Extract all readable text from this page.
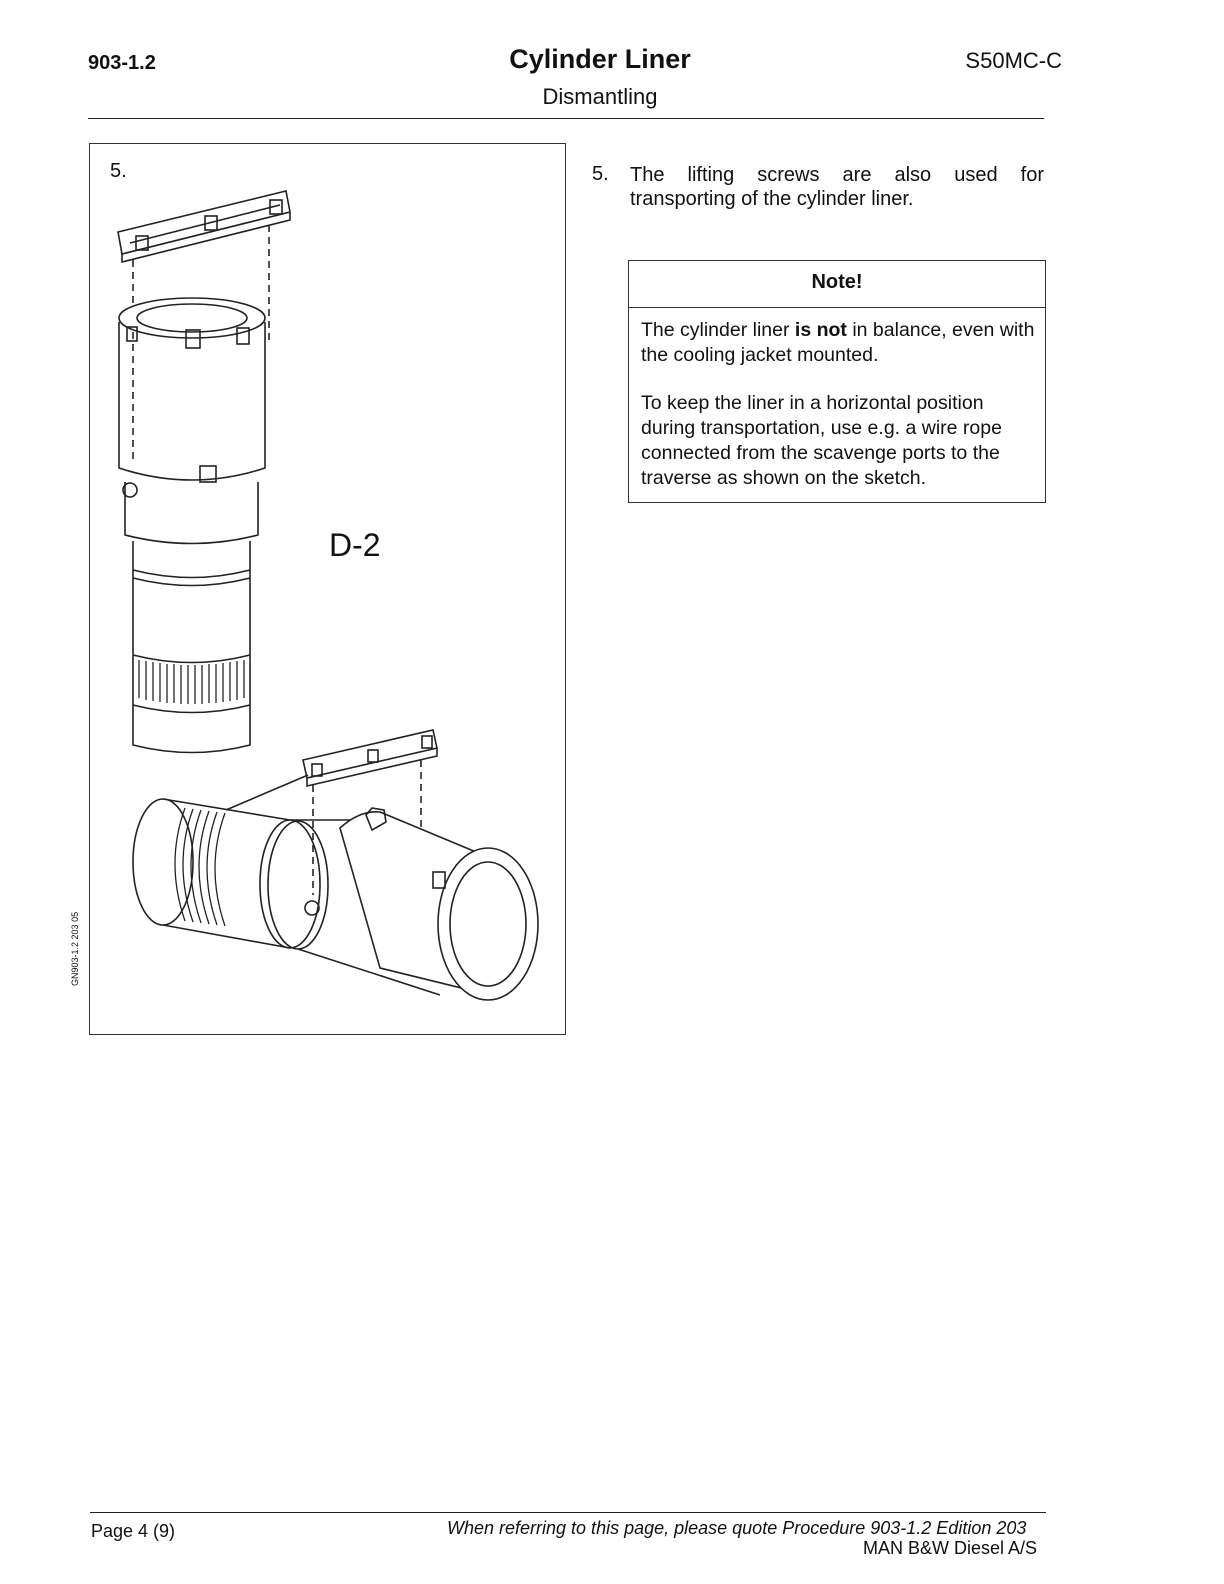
903-1.2	Cylinder Liner
Dismantling
S50MC-C
5.
D-2
GN903-1.2 203 05
5. The lifting screws are also used for transporting of the cylinder liner.
Note!
The cylinder liner is not in balance, even with the cooling jacket mounted.
To keep the liner in a horizontal position during transportation, use e.g. a wire rope connected from the scavenge ports to the traverse as shown on the sketch.
Page 4 (9)	When referring to this page, please quote Procedure 903-1.2 Edition 203
MAN B&W Diesel A/S
